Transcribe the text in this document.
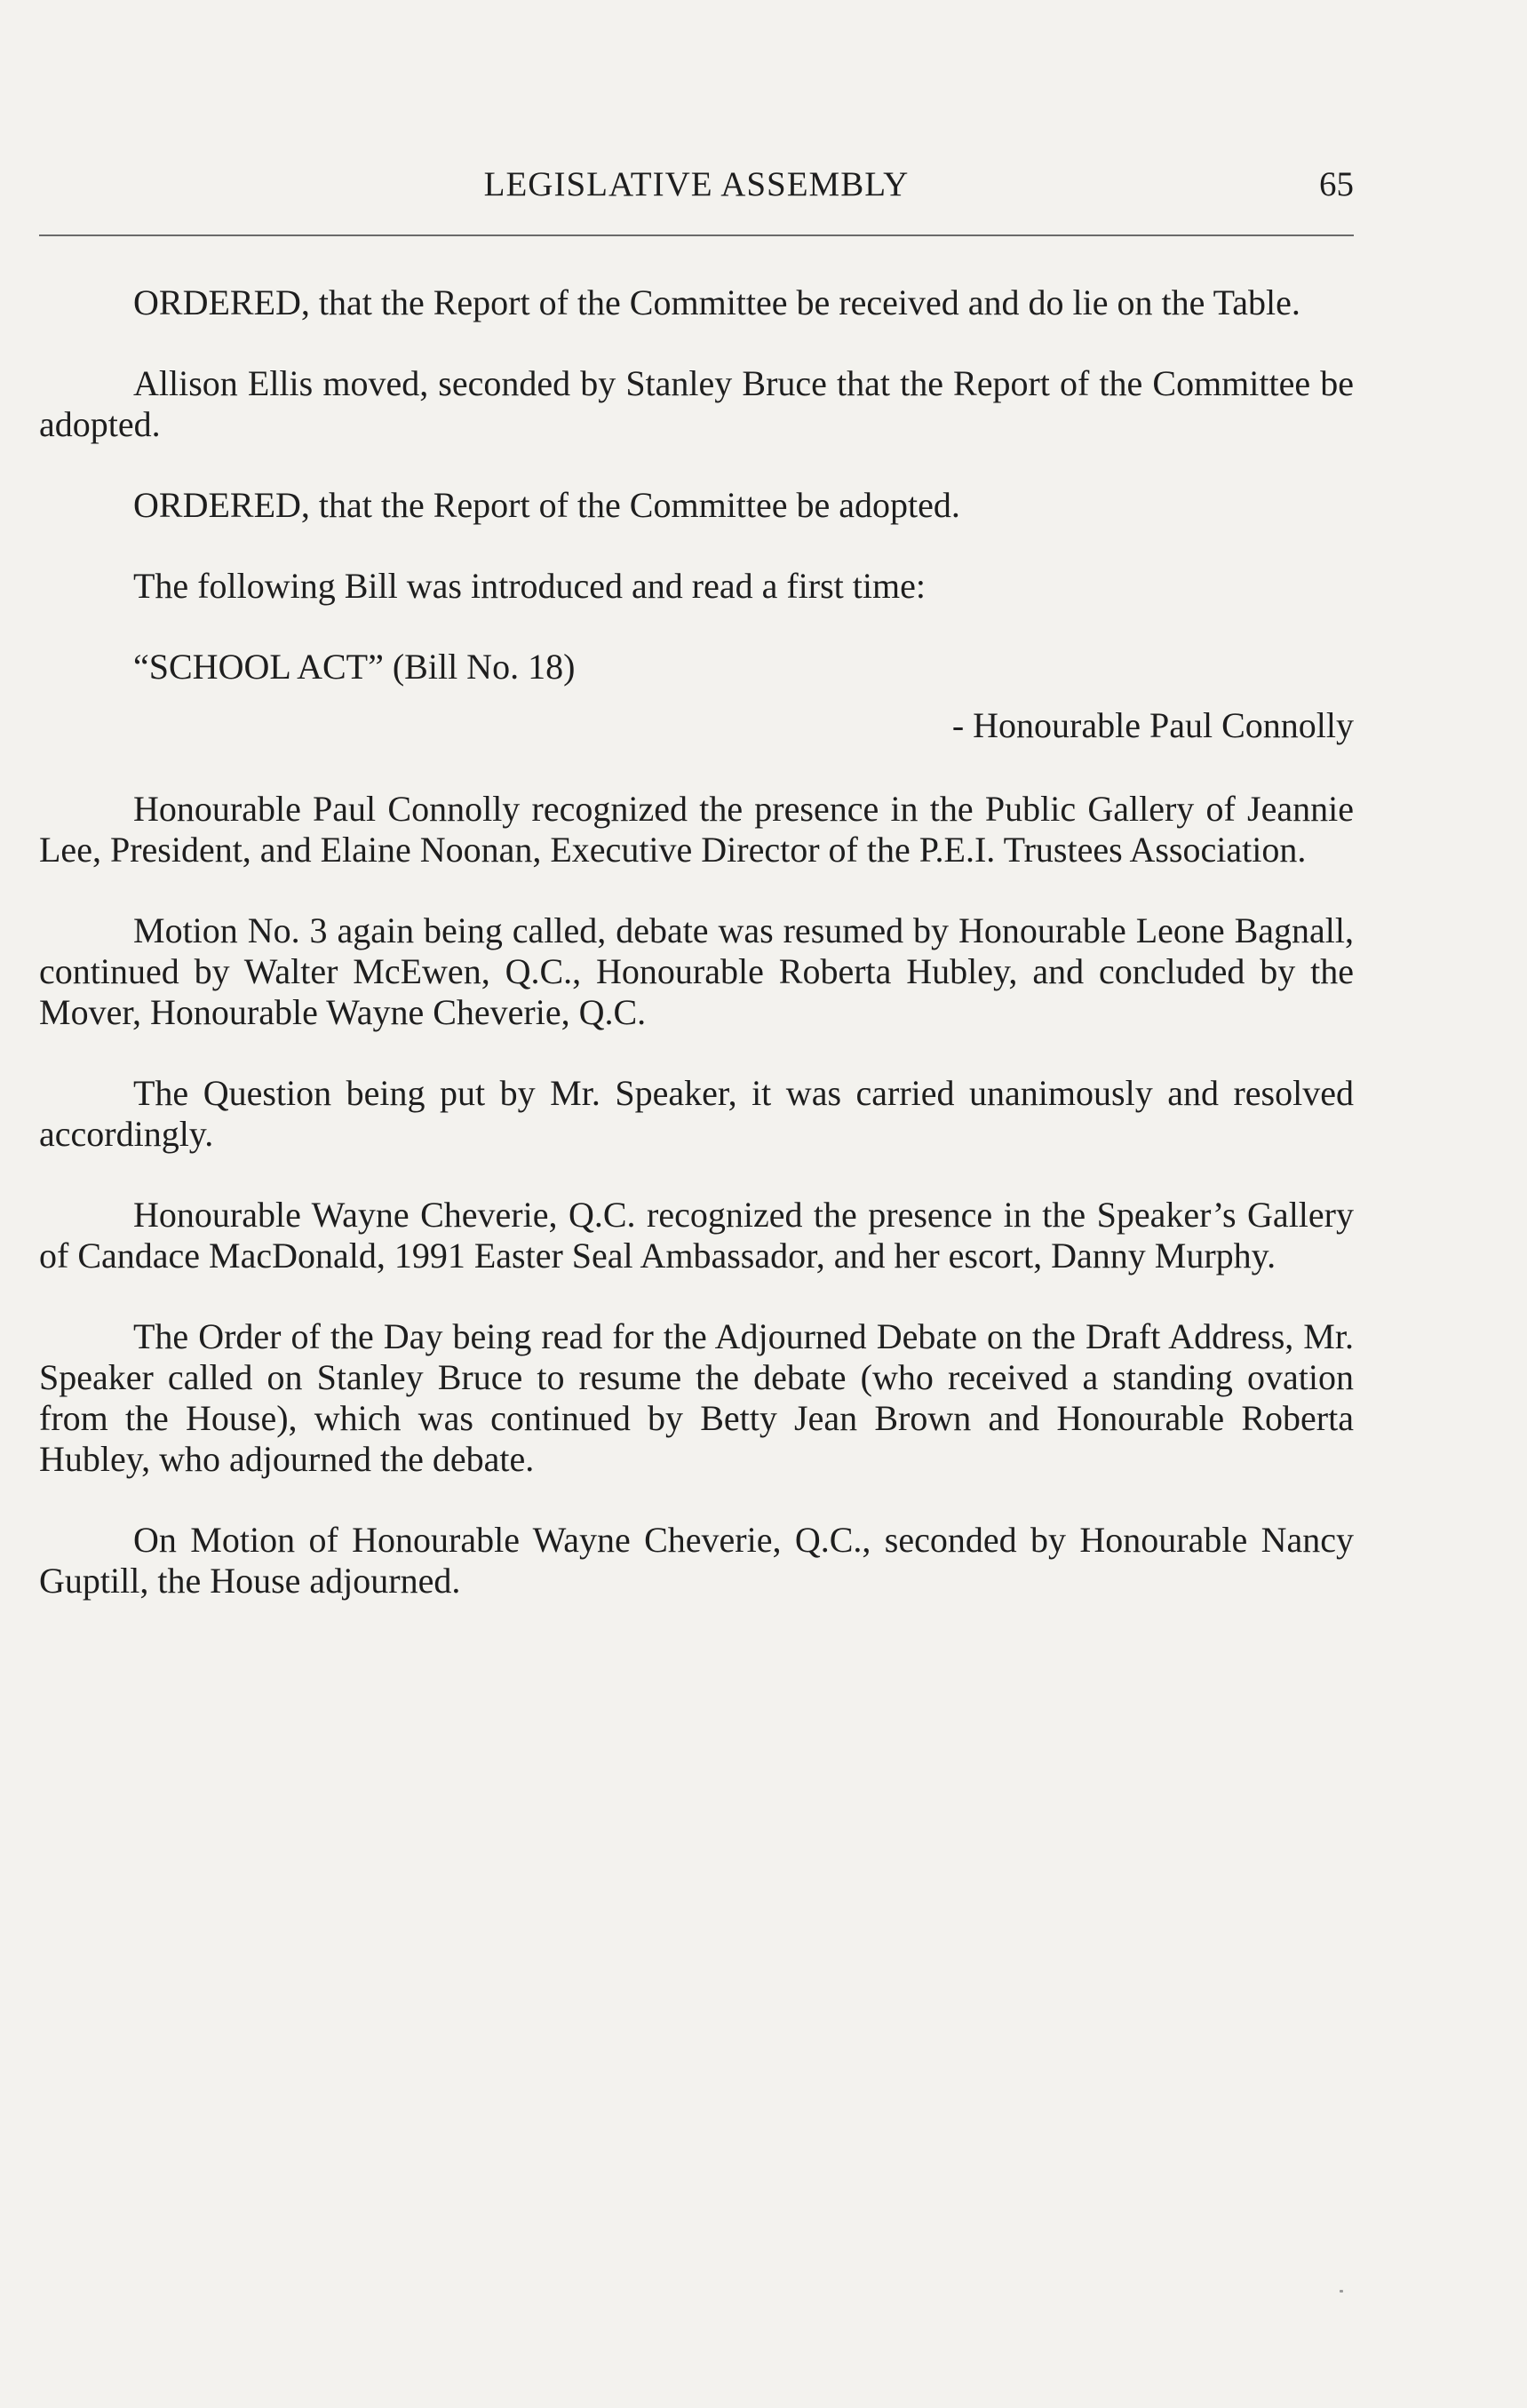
LEGISLATIVE ASSEMBLY	65

ORDERED, that the Report of the Committee be received and do lie on the Table.

Allison Ellis moved, seconded by Stanley Bruce that the Report of the Committee be adopted.

ORDERED, that the Report of the Committee be adopted.

The following Bill was introduced and read a first time:

“SCHOOL ACT” (Bill No. 18)

- Honourable Paul Connolly

Honourable Paul Connolly recognized the presence in the Public Gallery of Jeannie Lee, President, and Elaine Noonan, Executive Director of the P.E.I. Trustees Association.

Motion No. 3 again being called, debate was resumed by Honourable Leone Bagnall, continued by Walter McEwen, Q.C., Honourable Roberta Hubley, and concluded by the Mover, Honourable Wayne Cheverie, Q.C.

The Question being put by Mr. Speaker, it was carried unanimously and resolved accordingly.

Honourable Wayne Cheverie, Q.C. recognized the presence in the Speaker’s Gallery of Candace MacDonald, 1991 Easter Seal Ambassador, and her escort, Danny Murphy.

The Order of the Day being read for the Adjourned Debate on the Draft Address, Mr. Speaker called on Stanley Bruce to resume the debate (who received a standing ovation from the House), which was continued by Betty Jean Brown and Honourable Roberta Hubley, who adjourned the debate.

On Motion of Honourable Wayne Cheverie, Q.C., seconded by Honourable Nancy Guptill, the House adjourned.
